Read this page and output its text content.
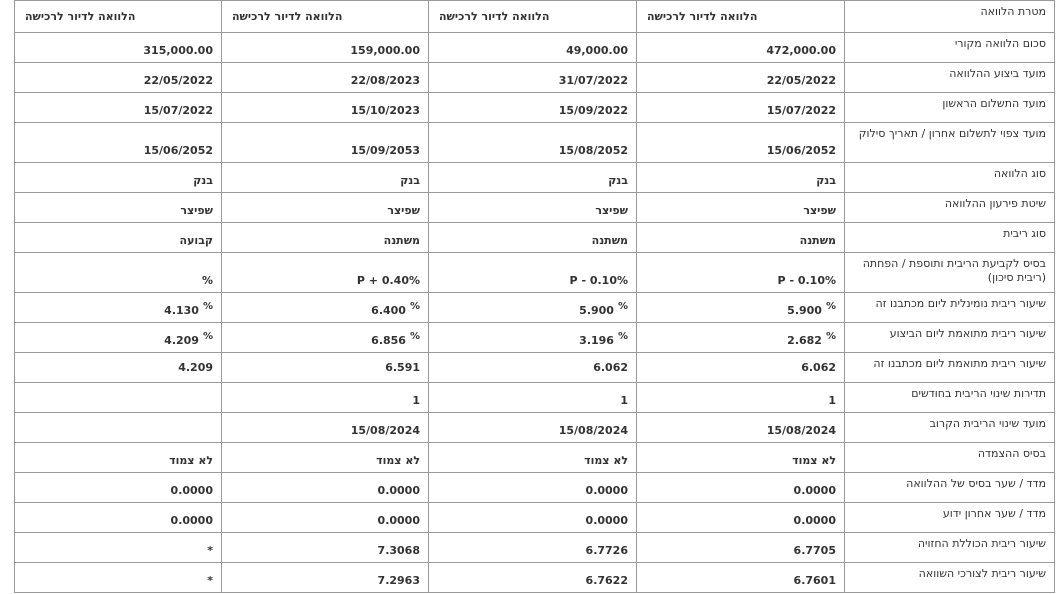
מטרת הלוואה	הלוואה לדיור לרכישה	הלוואה לדיור לרכישה	הלוואה לדיור לרכישה	הלוואה לדיור לרכישה
סכום הלוואה מקורי	472,000.00	49,000.00	159,000.00	315,000.00
מועד ביצוע ההלוואה	22/05/2022	31/07/2022	22/08/2023	22/05/2022
מועד התשלום הראשון	15/07/2022	15/09/2022	15/10/2023	15/07/2022
מועד צפוי לתשלום אחרון / תאריך סילוק	15/06/2052	15/08/2052	15/09/2053	15/06/2052
סוג הלוואה	בנק	בנק	בנק	בנק
שיטת פירעון ההלוואה	שפיצר	שפיצר	שפיצר	שפיצר
סוג ריבית	משתנה	משתנה	משתנה	קבועה
בסיס לקביעת הריבית ותוספת / הפחתה (ריבית סיכון)	P - 0.10%	P - 0.10%	P + 0.40%	%
שיעור ריבית נומינלית ליום מכתבנו זה	5.900 %	5.900 %	6.400 %	4.130 %
שיעור ריבית מתואמת ליום הביצוע	2.682 %	3.196 %	6.856 %	4.209 %
שיעור ריבית מתואמת ליום מכתבנו זה	6.062	6.062	6.591	4.209
תדירות שינוי הריבית בחודשים	1	1	1	
מועד שינוי הריבית הקרוב	15/08/2024	15/08/2024	15/08/2024	
בסיס ההצמדה	לא צמוד	לא צמוד	לא צמוד	לא צמוד
מדד / שער בסיס של ההלוואה	0.0000	0.0000	0.0000	0.0000
מדד / שער אחרון ידוע	0.0000	0.0000	0.0000	0.0000
שיעור ריבית הכוללת החזויה	6.7705	6.7726	7.3068	*
שיעור ריבית לצורכי השוואה	6.7601	6.7622	7.2963	*
